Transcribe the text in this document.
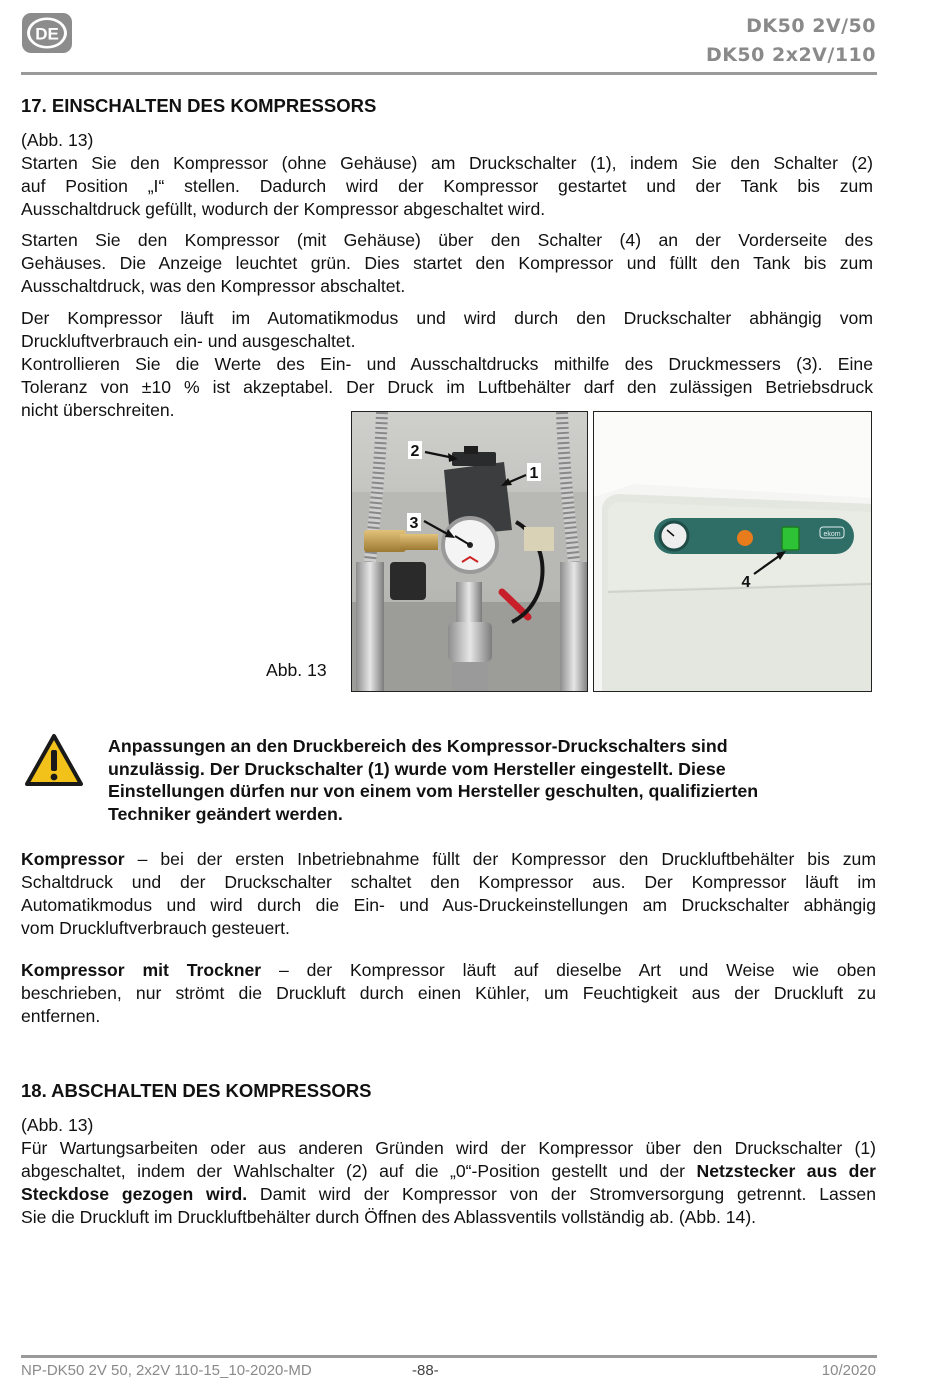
DE	DK50 2V/50
DK50 2x2V/110
17. EINSCHALTEN DES KOMPRESSORS
(Abb. 13)
Starten Sie den Kompressor (ohne Gehäuse) am Druckschalter (1), indem Sie den Schalter (2)
auf Position „I“ stellen. Dadurch wird der Kompressor gestartet und der Tank bis zum
Ausschaltdruck gefüllt, wodurch der Kompressor abgeschaltet wird.
Starten Sie den Kompressor (mit Gehäuse) über den Schalter (4) an der Vorderseite des
Gehäuses. Die Anzeige leuchtet grün. Dies startet den Kompressor und füllt den Tank bis zum
Ausschaltdruck, was den Kompressor abschaltet.
Der Kompressor läuft im Automatikmodus und wird durch den Druckschalter abhängig vom
Druckluftverbrauch ein- und ausgeschaltet.
Kontrollieren Sie die Werte des Ein- und Ausschaltdrucks mithilfe des Druckmessers (3). Eine
Toleranz von ±10 % ist akzeptabel. Der Druck im Luftbehälter darf den zulässigen Betriebsdruck
nicht überschreiten.
Abb. 13
2
1
3
ekom
4
Anpassungen an den Druckbereich des Kompressor-Druckschalters sind
unzulässig. Der Druckschalter (1) wurde vom Hersteller eingestellt. Diese
Einstellungen dürfen nur von einem vom Hersteller geschulten, qualifizierten
Techniker geändert werden.
Kompressor – bei der ersten Inbetriebnahme füllt der Kompressor den Druckluftbehälter bis zum
Schaltdruck und der Druckschalter schaltet den Kompressor aus. Der Kompressor läuft im
Automatikmodus und wird durch die Ein- und Aus-Druckeinstellungen am Druckschalter abhängig
vom Druckluftverbrauch gesteuert.
Kompressor mit Trockner – der Kompressor läuft auf dieselbe Art und Weise wie oben
beschrieben, nur strömt die Druckluft durch einen Kühler, um Feuchtigkeit aus der Druckluft zu
entfernen.
18. ABSCHALTEN DES KOMPRESSORS
(Abb. 13)
Für Wartungsarbeiten oder aus anderen Gründen wird der Kompressor über den Druckschalter (1)
abgeschaltet, indem der Wahlschalter (2) auf die „0“-Position gestellt und der Netzstecker aus der
Steckdose gezogen wird. Damit wird der Kompressor von der Stromversorgung getrennt. Lassen
Sie die Druckluft im Druckluftbehälter durch Öffnen des Ablassventils vollständig ab. (Abb. 14).
NP-DK50 2V 50, 2x2V 110-15_10-2020-MD	-88-	10/2020
